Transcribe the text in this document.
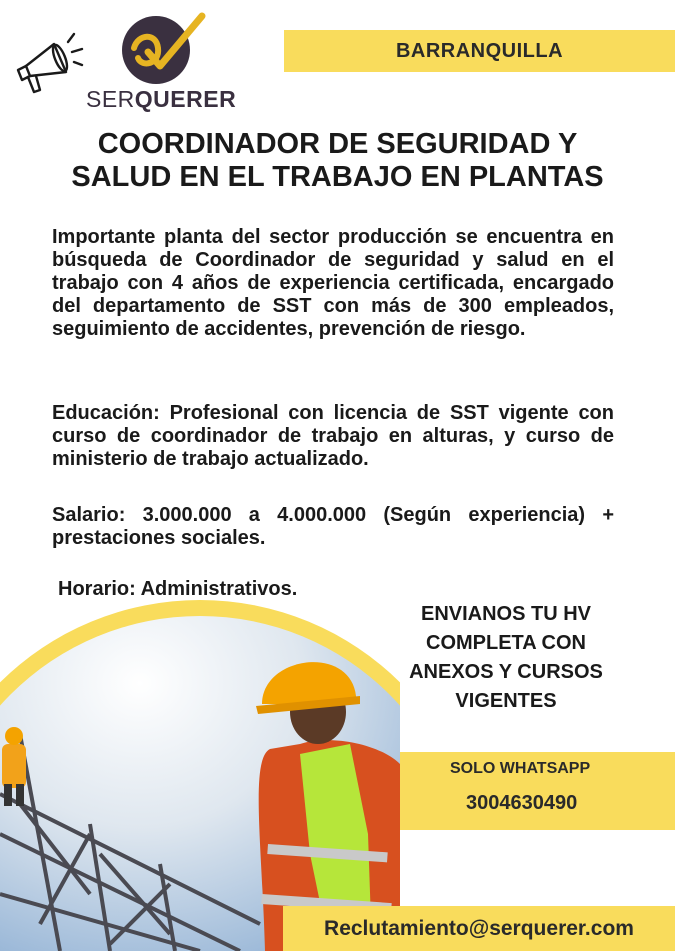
SERQUERER
BARRANQUILLA
COORDINADOR DE SEGURIDAD Y
SALUD EN EL TRABAJO EN PLANTAS
Importante planta del sector producción se encuentra en búsqueda de Coordinador de seguridad y salud en el trabajo con 4 años de experiencia certificada, encargado del departamento de SST con más de 300 empleados, seguimiento de accidentes, prevención de riesgo.
Educación: Profesional con licencia de SST vigente con curso de coordinador de trabajo en alturas, y curso de ministerio de trabajo actualizado.
Salario: 3.000.000 a 4.000.000 (Según experiencia) + prestaciones sociales.
Horario: Administrativos.
ENVIANOS TU HV
COMPLETA CON
ANEXOS Y CURSOS
VIGENTES
SOLO WHATSAPP
3004630490
Reclutamiento@serquerer.com
